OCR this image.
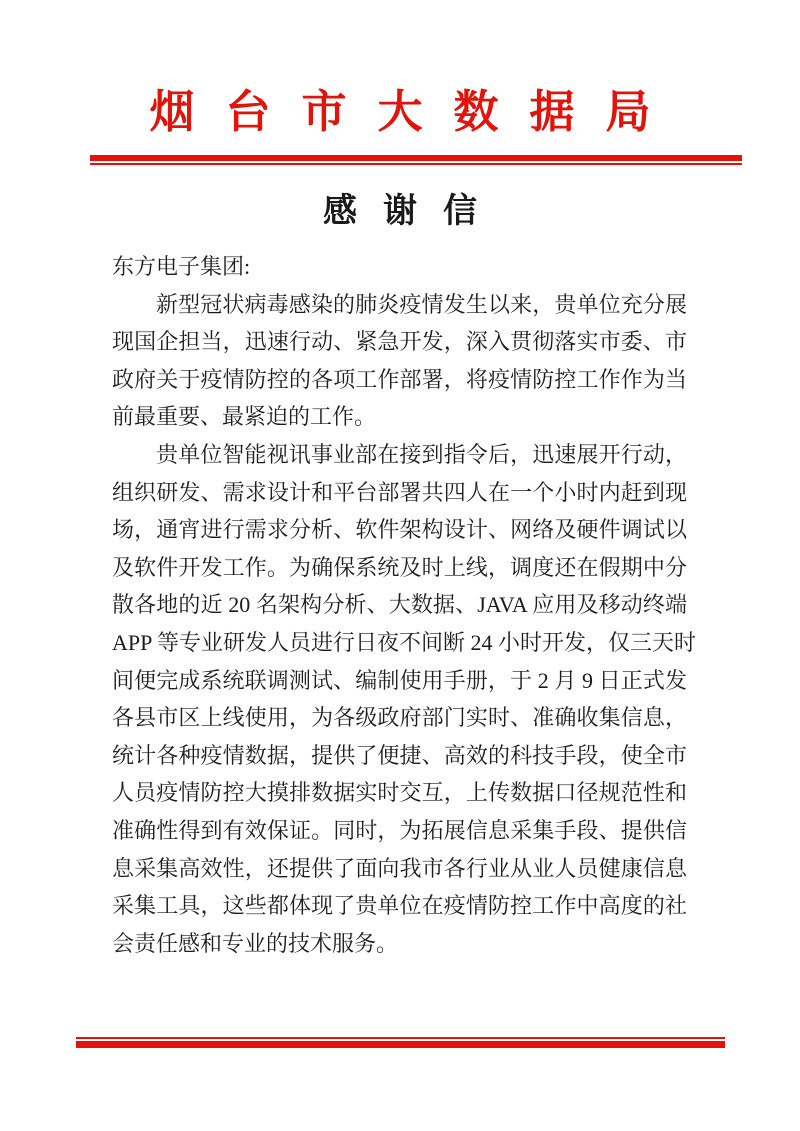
烟台市大数据局
感谢信
东方电子集团:
新型冠状病毒感染的肺炎疫情发生以来，贵单位充分展
现国企担当，迅速行动、紧急开发，深入贯彻落实市委、市
政府关于疫情防控的各项工作部署，将疫情防控工作作为当
前最重要、最紧迫的工作。
贵单位智能视讯事业部在接到指令后，迅速展开行动，
组织研发、需求设计和平台部署共四人在一个小时内赶到现
场，通宵进行需求分析、软件架构设计、网络及硬件调试以
及软件开发工作。为确保系统及时上线，调度还在假期中分
散各地的近 20 名架构分析、大数据、JAVA 应用及移动终端
APP 等专业研发人员进行日夜不间断 24 小时开发，仅三天时
间便完成系统联调测试、编制使用手册，于 2 月 9 日正式发
各县市区上线使用，为各级政府部门实时、准确收集信息，
统计各种疫情数据，提供了便捷、高效的科技手段，使全市
人员疫情防控大摸排数据实时交互，上传数据口径规范性和
准确性得到有效保证。同时，为拓展信息采集手段、提供信
息采集高效性，还提供了面向我市各行业从业人员健康信息
采集工具，这些都体现了贵单位在疫情防控工作中高度的社
会责任感和专业的技术服务。
